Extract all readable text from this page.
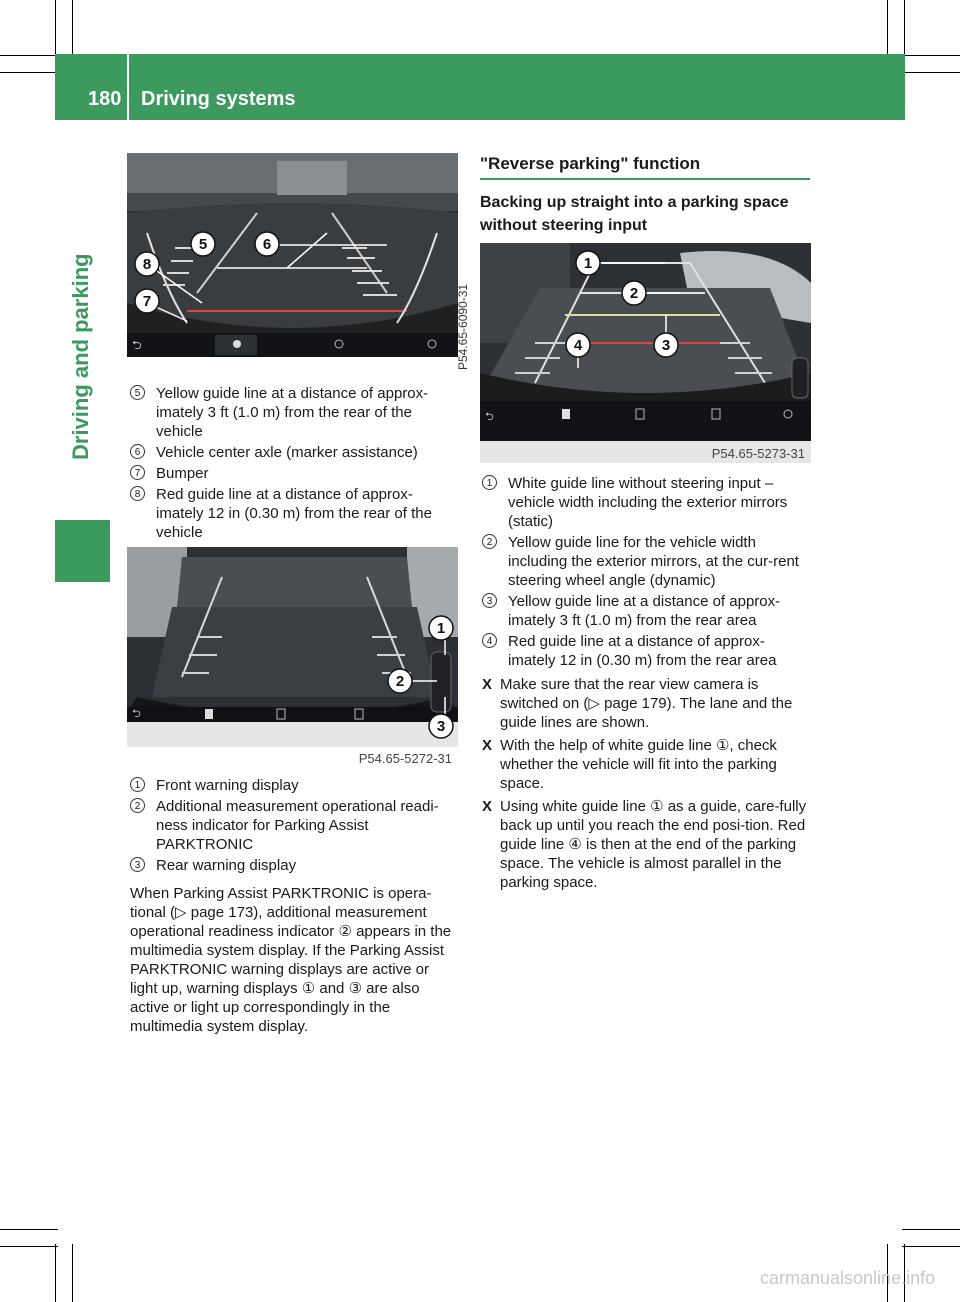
180 Driving systems
Driving and parking	⮌
5	6
8
7	P54.65-6090-31
5	Yellow guide line at a distance of approx-imately 3 ft (1.0 m) from the rear of the vehicle
6	Vehicle center axle (marker assistance)
7	Bumper
8	Red guide line at a distance of approx-imately 12 in (0.30 m) from the rear of the vehicle
⮌
1
2
3
P54.65-5272-31
1	Front warning display
2	Additional measurement operational readi-ness indicator for Parking Assist PARKTRONIC
3	Rear warning display
When Parking Assist PARKTRONIC is opera-tional (▷ page 173), additional measurement operational readiness indicator ② appears in the multimedia system display. If the Parking Assist PARKTRONIC warning displays are active or light up, warning displays ① and ③ are also active or light up correspondingly in the multimedia system display.
"Reverse parking" function
Backing up straight into a parking space without steering input
⮌
1
2
4	3
P54.65-5273-31
1	White guide line without steering input – vehicle width including the exterior mirrors (static)
2	Yellow guide line for the vehicle width including the exterior mirrors, at the cur-rent steering wheel angle (dynamic)
3	Yellow guide line at a distance of approx-imately 3 ft (1.0 m) from the rear area
4	Red guide line at a distance of approx-imately 12 in (0.30 m) from the rear area
X Make sure that the rear view camera is switched on (▷ page 179). The lane and the guide lines are shown.
X With the help of white guide line ①, check whether the vehicle will fit into the parking space.
X Using white guide line ① as a guide, care-fully back up until you reach the end posi-tion. Red guide line ④ is then at the end of the parking space. The vehicle is almost parallel in the parking space.
carmanualsonline.info
